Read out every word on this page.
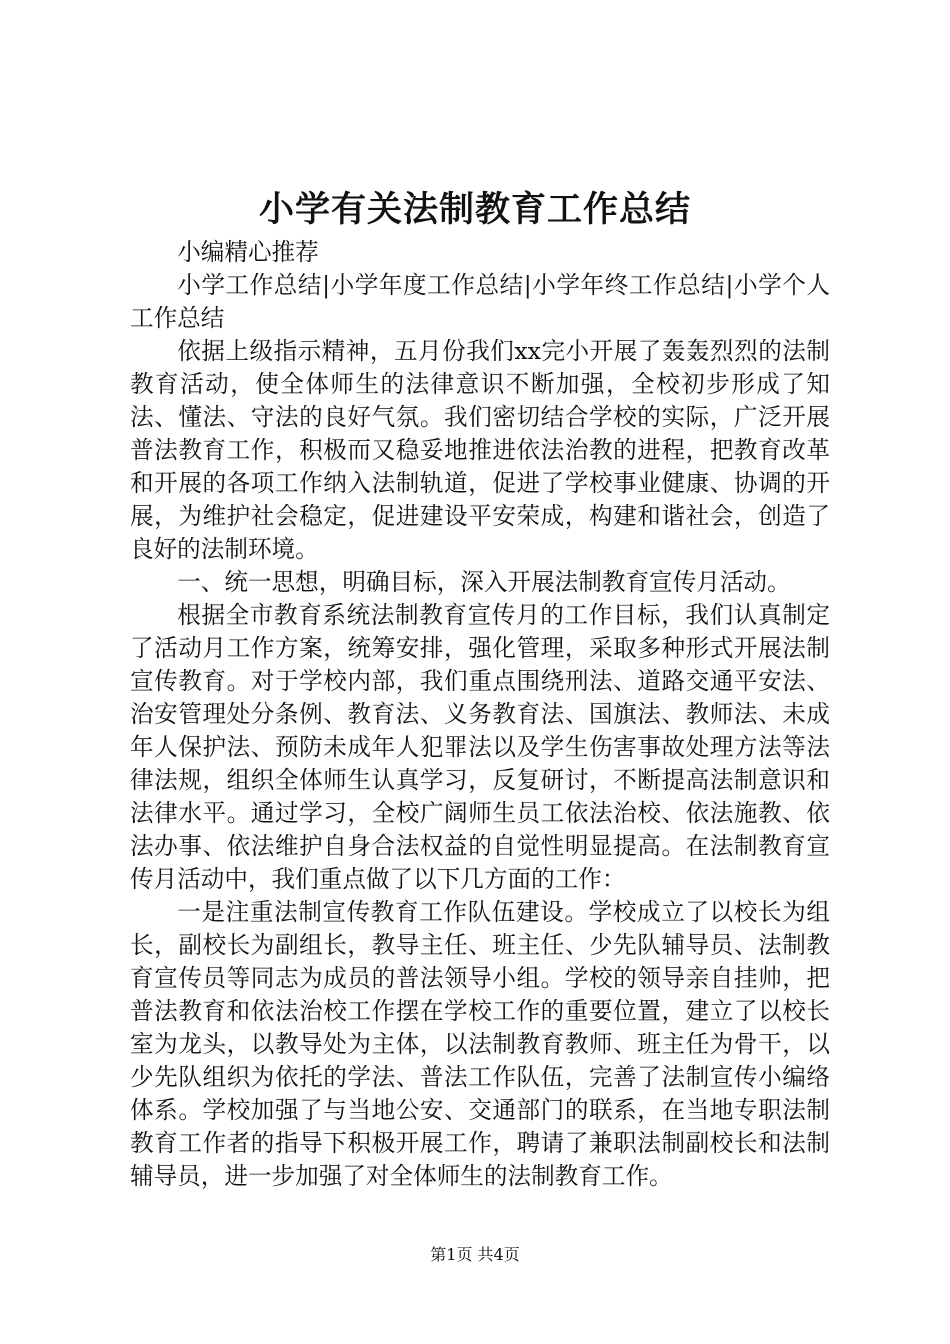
小学有关法制教育工作总结

小编精心推荐

小学工作总结|小学年度工作总结|小学年终工作总结|小学个人工作总结

依据上级指示精神，五月份我们xx完小开展了轰轰烈烈的法制教育活动，使全体师生的法律意识不断加强，全校初步形成了知法、懂法、守法的良好气氛。我们密切结合学校的实际，广泛开展普法教育工作，积极而又稳妥地推进依法治教的进程，把教育改革和开展的各项工作纳入法制轨道，促进了学校事业健康、协调的开展，为维护社会稳定，促进建设平安荣成，构建和谐社会，创造了良好的法制环境。

一、统一思想，明确目标，深入开展法制教育宣传月活动。

根据全市教育系统法制教育宣传月的工作目标，我们认真制定了活动月工作方案，统筹安排，强化管理，采取多种形式开展法制宣传教育。对于学校内部，我们重点围绕刑法、道路交通平安法、治安管理处分条例、教育法、义务教育法、国旗法、教师法、未成年人保护法、预防未成年人犯罪法以及学生伤害事故处理方法等法律法规，组织全体师生认真学习，反复研讨，不断提高法制意识和法律水平。通过学习，全校广阔师生员工依法治校、依法施教、依法办事、依法维护自身合法权益的自觉性明显提高。在法制教育宣传月活动中，我们重点做了以下几方面的工作：

一是注重法制宣传教育工作队伍建设。学校成立了以校长为组长，副校长为副组长，教导主任、班主任、少先队辅导员、法制教育宣传员等同志为成员的普法领导小组。学校的领导亲自挂帅，把普法教育和依法治校工作摆在学校工作的重要位置，建立了以校长室为龙头，以教导处为主体，以法制教育教师、班主任为骨干，以少先队组织为依托的学法、普法工作队伍，完善了法制宣传小编络体系。学校加强了与当地公安、交通部门的联系，在当地专职法制教育工作者的指导下积极开展工作，聘请了兼职法制副校长和法制辅导员，进一步加强了对全体师生的法制教育工作。

第1页 共4页
